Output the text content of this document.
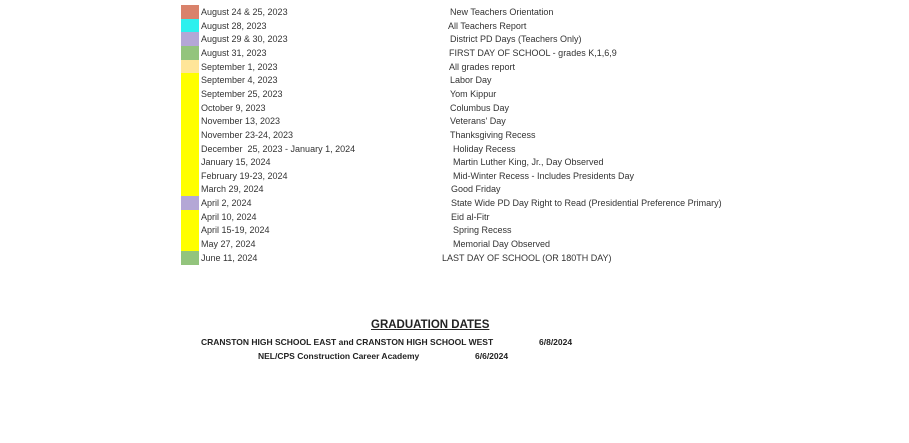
August 24 & 25, 2023	New Teachers Orientation
August 28, 2023	All Teachers Report
August 29 & 30, 2023	District PD Days (Teachers Only)
August 31, 2023	FIRST DAY OF SCHOOL - grades K,1,6,9
September 1, 2023	All grades report
September 4, 2023	Labor Day
September 25, 2023	Yom Kippur
October 9, 2023	Columbus Day
November 13, 2023	Veterans' Day
November 23-24, 2023	Thanksgiving Recess
December  25, 2023 - January 1, 2024	Holiday Recess
January 15, 2024	Martin Luther King, Jr., Day Observed
February 19-23, 2024	Mid-Winter Recess - Includes Presidents Day
March 29, 2024	Good Friday
April 2, 2024	State Wide PD Day Right to Read (Presidential Preference Primary)
April 10, 2024	Eid al-Fitr
April 15-19, 2024	Spring Recess
May 27, 2024	Memorial Day Observed
June 11, 2024	LAST DAY OF SCHOOL (OR 180TH DAY)
GRADUATION DATES
CRANSTON HIGH SCHOOL EAST and CRANSTON HIGH SCHOOL WEST	6/8/2024
NEL/CPS Construction Career Academy	6/6/2024
